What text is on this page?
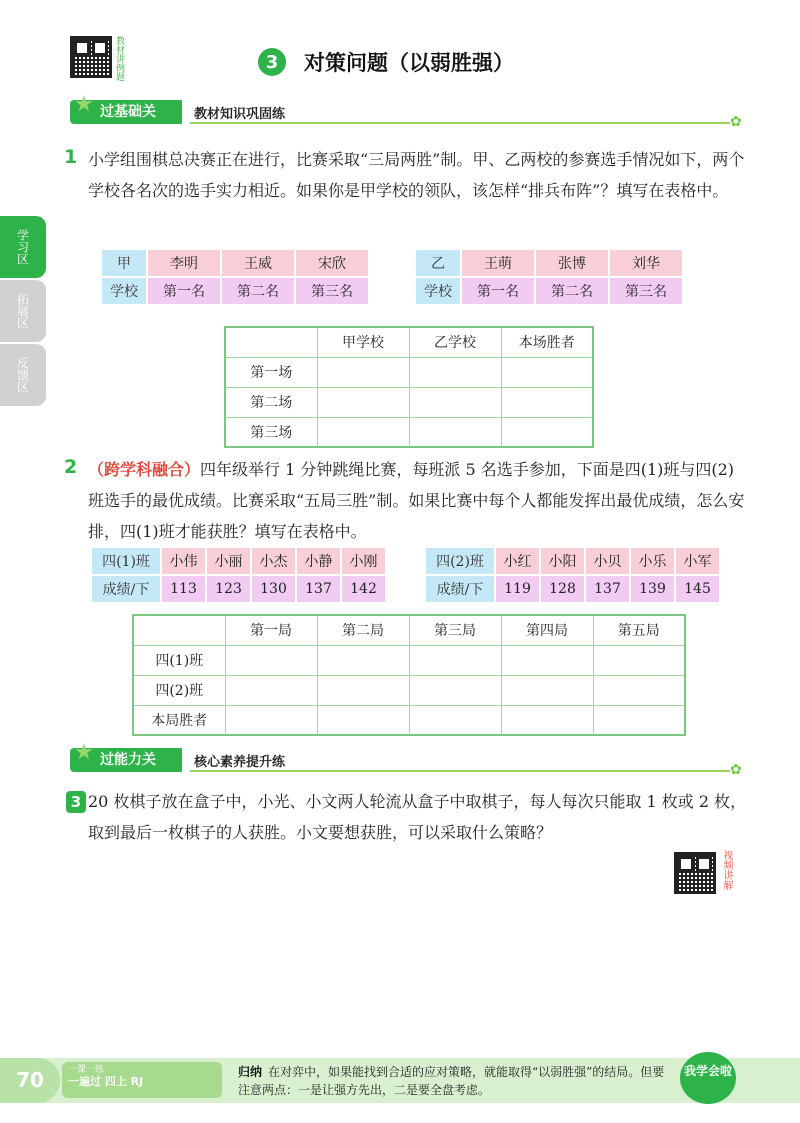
教材讲例题	3	对策问题（以弱胜强）
★ 过基础关	教材知识巩固练	✿
学习区
拓展区
反馈区
1 小学组围棋总决赛正在进行，比赛采取“三局两胜”制。甲、乙两校的参赛选手情况如下，两个学校各名次的选手实力相近。如果你是甲学校的领队，该怎样“排兵布阵”？填写在表格中。
甲	李明	王威	宋欣
学校	第一名	第二名	第三名
乙	王萌	张博	刘华
学校	第一名	第二名	第三名
	甲学校	乙学校	本场胜者
第一场			
第二场			
第三场			
2 （跨学科融合）四年级举行 1 分钟跳绳比赛，每班派 5 名选手参加，下面是四(1)班与四(2)班选手的最优成绩。比赛采取“五局三胜”制。如果比赛中每个人都能发挥出最优成绩，怎么安排，四(1)班才能获胜？填写在表格中。
四(1)班	小伟	小丽	小杰	小静	小刚
成绩/下	113	123	130	137	142
四(2)班	小红	小阳	小贝	小乐	小军
成绩/下	119	128	137	139	145
	第一局	第二局	第三局	第四局	第五局
四(1)班					
四(2)班					
本局胜者					
★ 过能力关	核心素养提升练	✿
3 20 枚棋子放在盒子中，小光、小文两人轮流从盒子中取棋子，每人每次只能取 1 枚或 2 枚，取到最后一枚棋子的人获胜。小文要想获胜，可以采取什么策略？
视频讲解
70	一课一练
一遍过 四上 RJ
归纳 在对弈中，如果能找到合适的应对策略，就能取得“以弱胜强”的结局。但要注意两点：一是让强方先出，二是要全盘考虑。
我学会啦
